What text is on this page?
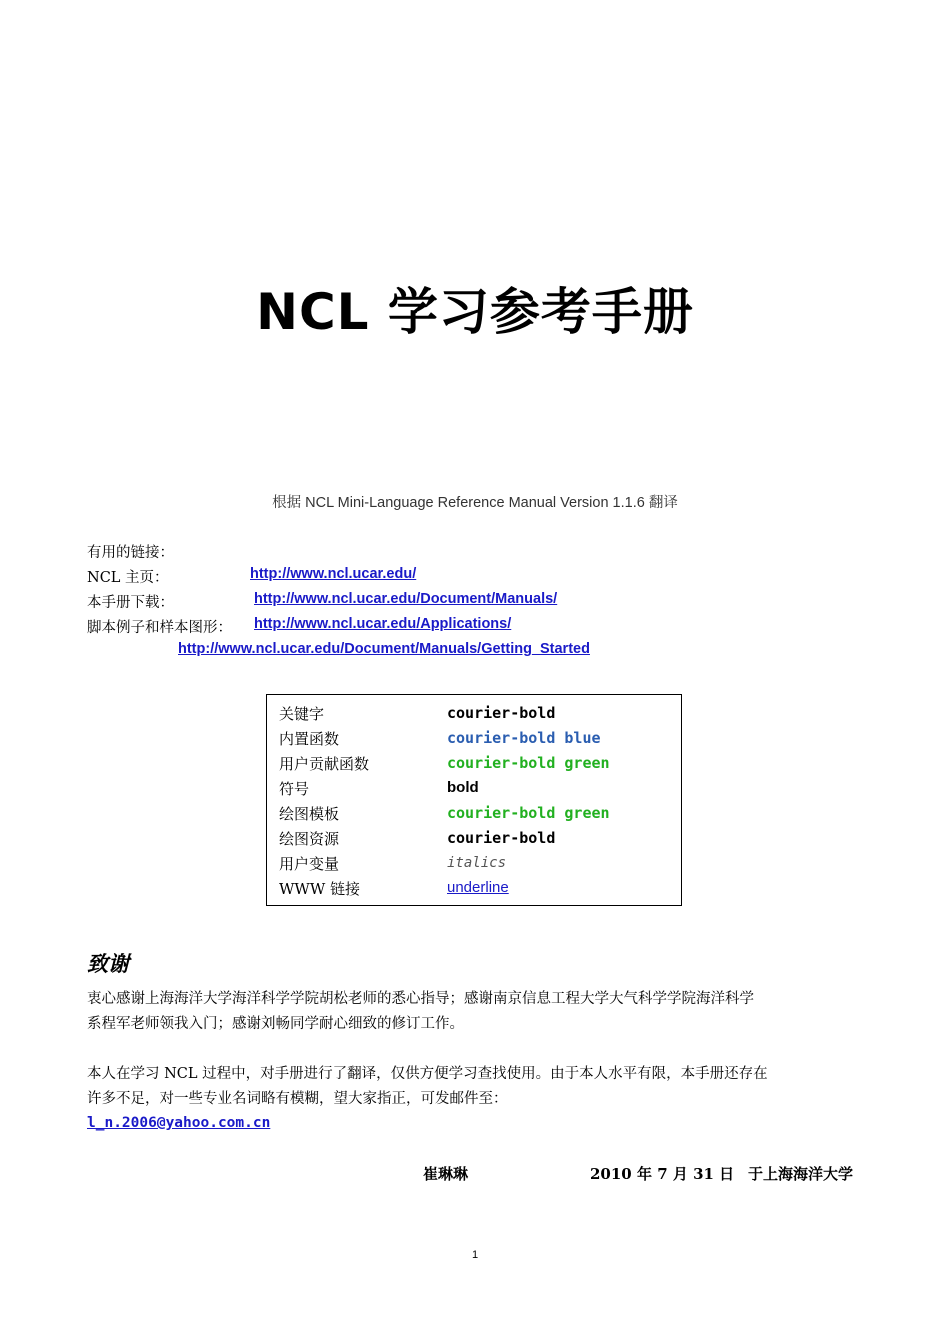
NCL 学习参考手册
根据 NCL Mini-Language Reference Manual Version 1.1.6 翻译
有用的链接：
NCL 主页：	http://www.ncl.ucar.edu/
本手册下载：	http://www.ncl.ucar.edu/Document/Manuals/
脚本例子和样本图形： http://www.ncl.ucar.edu/Applications/
http://www.ncl.ucar.edu/Document/Manuals/Getting_Started
关键字	courier-bold
内置函数	courier-bold blue
用户贡献函数	courier-bold green
符号	bold
绘图模板	courier-bold green
绘图资源	courier-bold
用户变量	italics
WWW 链接	underline
致谢
衷心感谢上海海洋大学海洋科学学院胡松老师的悉心指导；感谢南京信息工程大学大气科学学院海洋科学
系程军老师领我入门；感谢刘畅同学耐心细致的修订工作。
本人在学习 NCL 过程中，对手册进行了翻译，仅供方便学习查找使用。由于本人水平有限，本手册还存在
许多不足，对一些专业名词略有模糊，望大家指正，可发邮件至：
l_n.2006@yahoo.com.cn
崔琳琳	2010 年 7 月 31 日 于上海海洋大学
1
